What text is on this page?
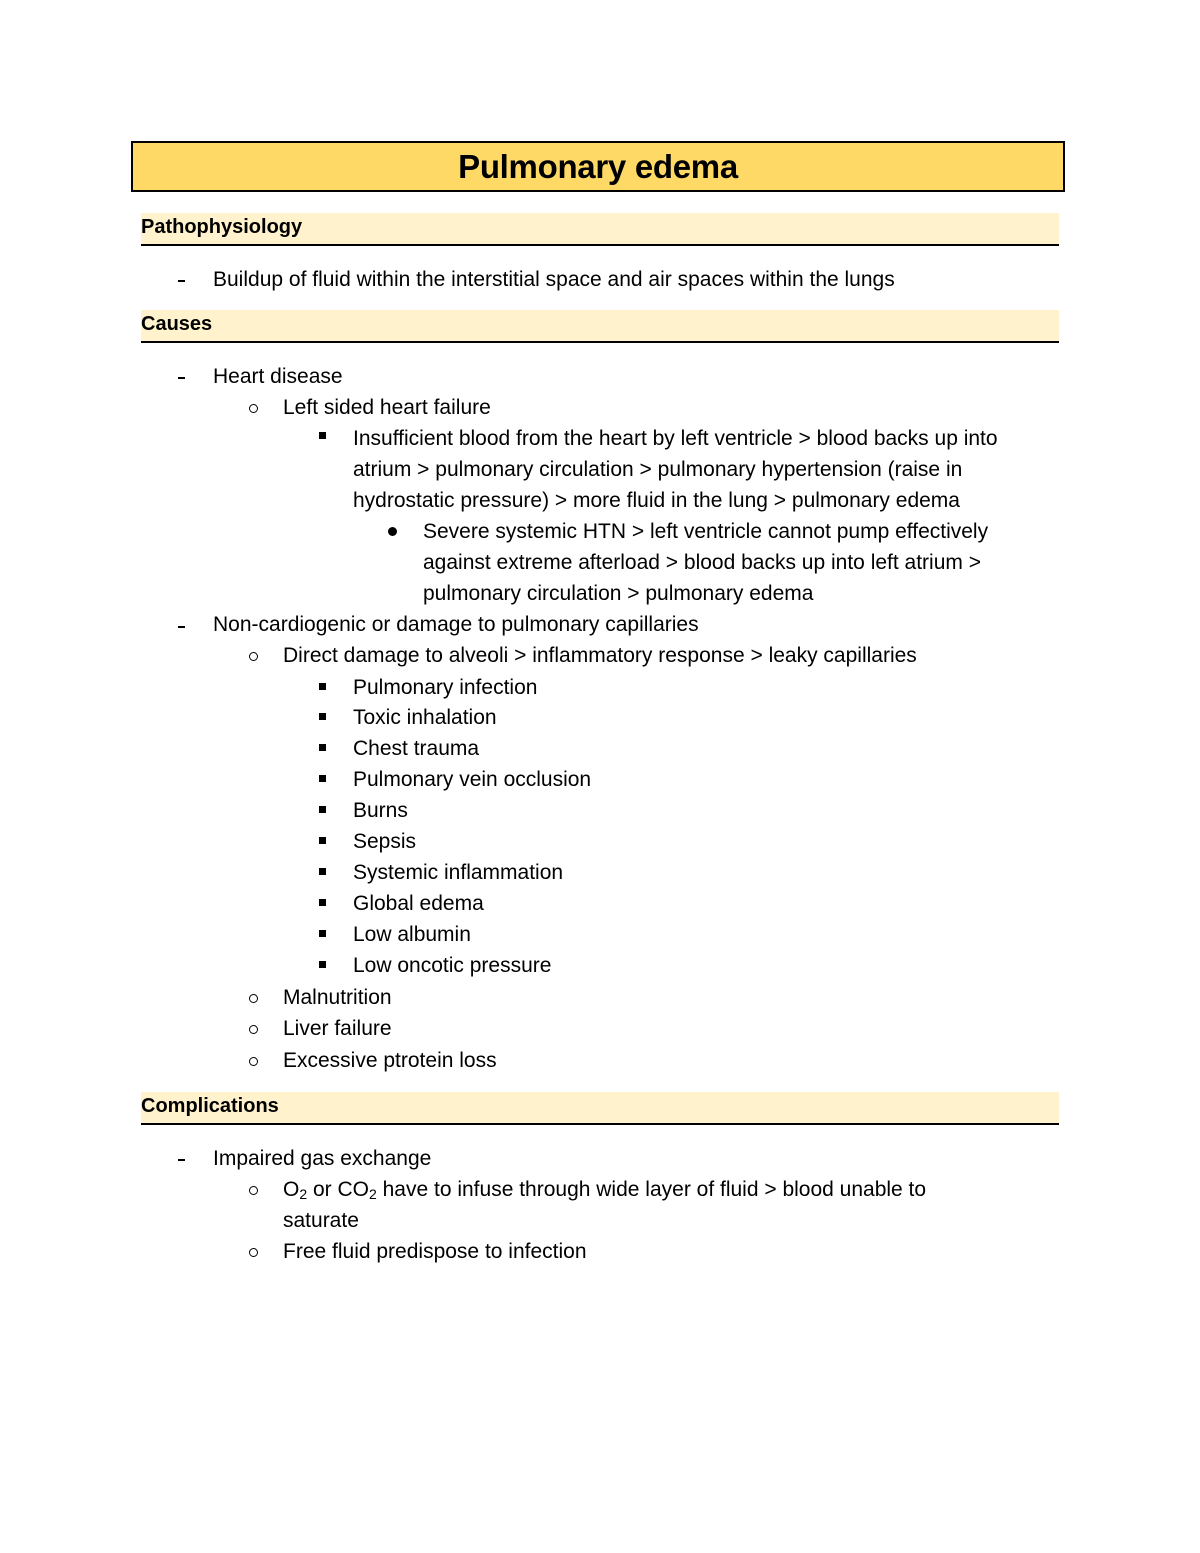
Pulmonary edema
Pathophysiology
Buildup of fluid within the interstitial space and air spaces within the lungs
Causes
Heart disease
Left sided heart failure
Insufficient blood from the heart by left ventricle > blood backs up into
atrium > pulmonary circulation > pulmonary hypertension (raise in
hydrostatic pressure) > more fluid in the lung > pulmonary edema
Severe systemic HTN > left ventricle cannot pump effectively
against extreme afterload > blood backs up into left atrium >
pulmonary circulation > pulmonary edema
Non-cardiogenic or damage to pulmonary capillaries
Direct damage to alveoli > inflammatory response > leaky capillaries
Pulmonary infection
Toxic inhalation
Chest trauma
Pulmonary vein occlusion
Burns
Sepsis
Systemic inflammation
Global edema
Low albumin
Low oncotic pressure
Malnutrition
Liver failure
Excessive ptrotein loss
Complications
Impaired gas exchange
$O_2$ or $CO_2$ have to infuse through wide layer of fluid > blood unable to
saturate
Free fluid predispose to infection
